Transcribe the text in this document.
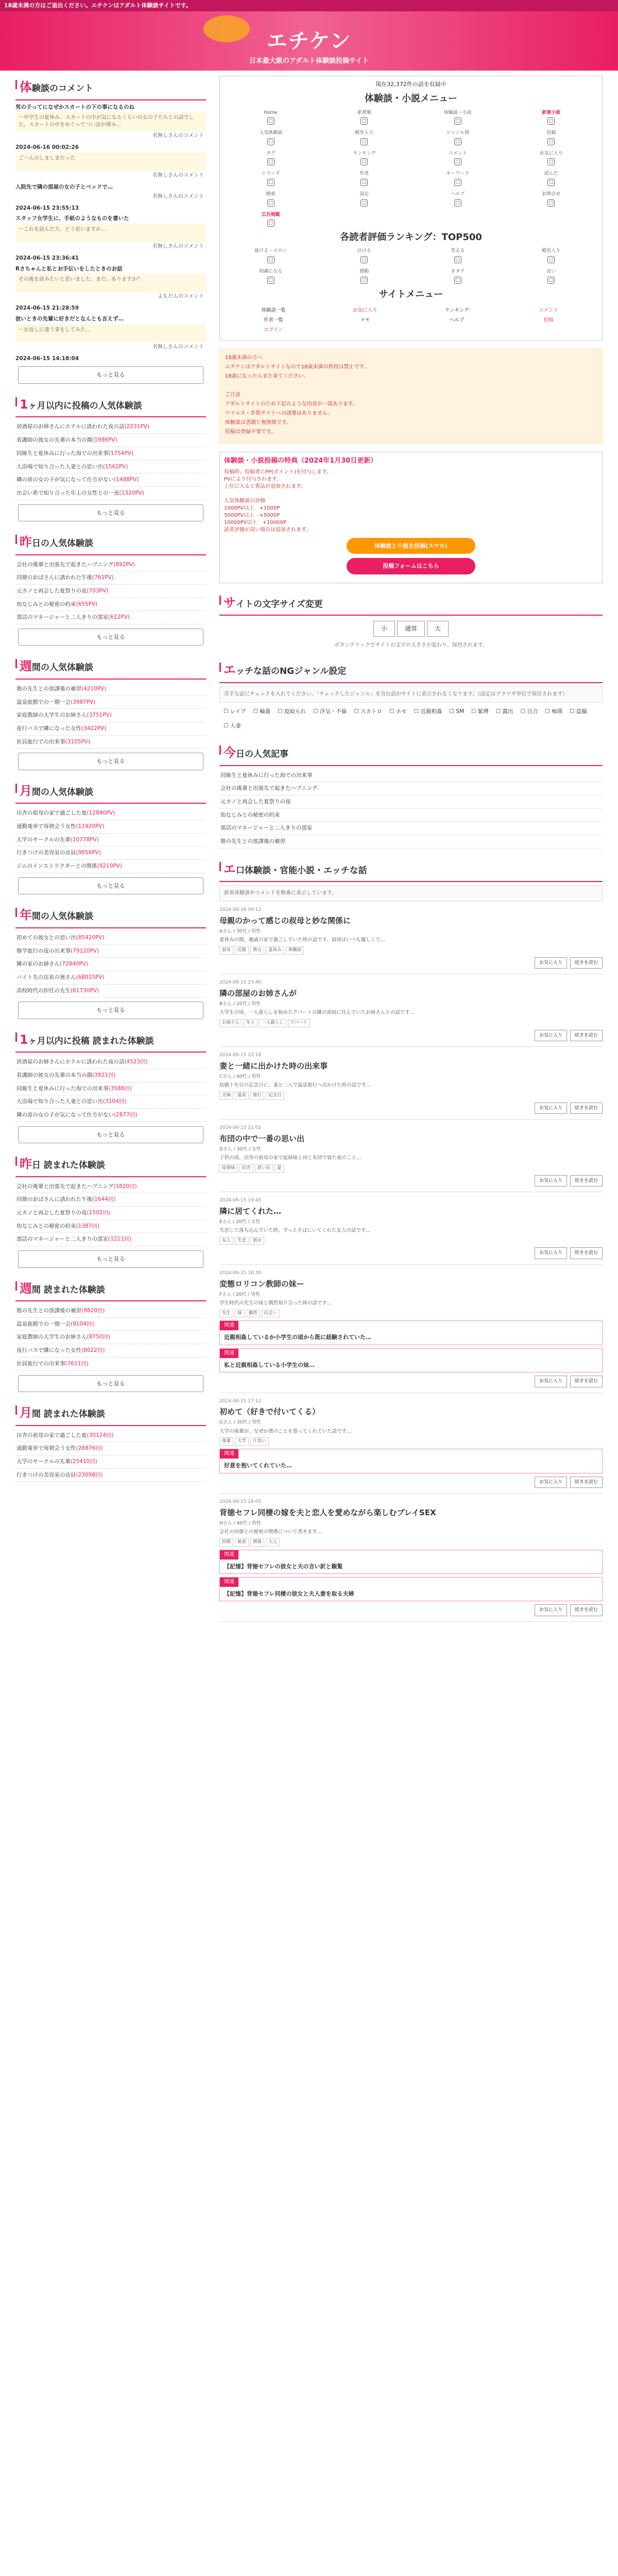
18歳未満の方はご退出ください。エチケンはアダルト体験談サイトです。
エチケン
日本最大級のアダルト体験談投稿サイト
体験談のコメント
男の子ってになぜかスカートの下の事になるのね
〜中学生の夏休み、スカートの中が気になるくらいの女の子たちとの話でした。スカートの中をめぐってつい話が弾み…
名無しさんのコメント
2024-06-16 00:02:26
ご～んのしましまだった
名無しさんのコメント
入院先で隣の部屋の女の子とベッドで…
名無しさんのコメント
2024-06-15 23:55:13
スタッフ女学生に、手紙のようなものを書いた
〜これを読んだ方、どう思いますか…
名無しさんのコメント
2024-06-15 23:36:41
Rさちゃんと私とお手伝いをしたときのお話
その後を読みたいと思いました。まだ、ありますか？
よもだんのコメント
2024-06-15 21:28:59
彼いときの先輩に好きだとなんとも言えず…
〜お返しに違う事をしてみた…
名無しさんのコメント
2024-06-15 14:18:04
もっと見る
1ヶ月以内に投稿の人気体験談
居酒屋のお姉さんにホテルに誘われた夜の話(2231PV)
看護師の彼女の先輩の本当の顔(1986PV)
同級生と夏休みに行った海での出来事(1754PV)
大浴場で知り合った人妻との思い出(1562PV)
隣の席の女の子が気になって仕方がない(1488PV)
出会い系で知り合った年上の女性との一夜(1320PV)
もっと見る
昨日の人気体験談
会社の後輩と出張先で起きたハプニング(892PV)
同僚のおばさんに誘われた午後(761PV)
元カノと再会した夏祭りの夜(703PV)
幼なじみとの秘密の約束(655PV)
部活のマネージャーと二人きりの部室(612PV)
もっと見る
週間の人気体験談
塾の先生との放課後の補習(4210PV)
温泉旅館での一期一会(3987PV)
家庭教師の大学生のお姉さん(3751PV)
夜行バスで隣になった女性(3422PV)
社員旅行での出来事(3105PV)
もっと見る
月間の人気体験談
田舎の祖母の家で過ごした夏(12840PV)
通勤電車で毎朝会う女性(11920PV)
大学のサークルの先輩(10778PV)
行きつけの美容室の店員(9856PV)
ジムのインストラクターとの関係(9210PV)
もっと見る
年間の人気体験談
初めての彼女との思い出(85420PV)
修学旅行の夜の出来事(79120PV)
隣の家のお姉さん(72840PV)
バイト先の店長の奥さん(68015PV)
高校時代の担任の先生(61730PV)
もっと見る
1ヶ月以内に投稿 読まれた体験談
居酒屋のお姉さんにホテルに誘われた夜の話(4523回)
看護師の彼女の先輩の本当の顔(3921回)
同級生と夏休みに行った海での出来事(3588回)
大浴場で知り合った人妻との思い出(3104回)
隣の席の女の子が気になって仕方がない(2877回)
もっと見る
昨日 読まれた体験談
会社の後輩と出張先で起きたハプニング(1820回)
同僚のおばさんに誘われた午後(1644回)
元カノと再会した夏祭りの夜(1502回)
幼なじみとの秘密の約束(1387回)
部活のマネージャーと二人きりの部室(1211回)
もっと見る
週間 読まれた体験談
塾の先生との放課後の補習(9820回)
温泉旅館での一期一会(9104回)
家庭教師の大学生のお姉さん(8750回)
夜行バスで隣になった女性(8022回)
社員旅行での出来事(7611回)
もっと見る
月間 読まれた体験談
田舎の祖母の家で過ごした夏(30124回)
通勤電車で毎朝会う女性(28876回)
大学のサークルの先輩(25410回)
行きつけの美容室の店員(23098回)
現在32,372件の話を収録中
体験談・小説メニュー
Home
□
新着順
□
体験談・小説
□
新着小説
□
人気体験談
□
殿堂入り
□
ジャンル別
□
投稿
□
タグ
□
ランキング
□
コメント
□
お気に入り
□
シリーズ
□
作者
□
キーワード
□
読んだ
□
検索
□
設定
□
ヘルプ
□
お問合せ
□
広告掲載
□
各読者評価ランキング：TOP500
抜ける・エロい
□
泣ける
□
笑える
□
殿堂入り
□
知識になる
□
感動
□
オタク
□
良い
□
サイトメニュー
体験談一覧	お気に入り	ランキング	コメント
作者一覧	メモ	ヘルプ	投稿
ログイン

18歳未満の方へ

エチケンはアダルトサイトなので18歳未満の利用は禁止です。

18歳になったらまた来てください。

ご注意

アダルトサイトのため下記のような内容が一部あります。

ウイルス・詐欺サイトへの誘導はありません。

体験談は書籍と無関係です。

投稿は登録不要です。

体験談・小説投稿の特典（2024年1月30日更新）

投稿時、投稿者にPP(ポイント)を付与します。

PVにより付与されます。

上位に入ると賞品が追加されます。

人気体験談の評価

1000PV以上　+1000P

5000PV以上　+5000P

10000PV以上　+10000P

読者評価が高い場合は追加されます。

体験談と小説を投稿(スマホ)
投稿フォームはこちら
サイトの文字サイズ変更
小	通常	大
ボタンクリックでサイトの文字の大きさが変わり、保持されます。
エッチな話のNGジャンル設定
苦手な話にチェックを入れてください。「チェックしたジャンル」を含む話がサイトに表示されなくなります。（設定はブラウザ単位で保存されます）
☐ レイプ	☐ 輪姦	☐ 寝取られ	☐ 浮気・不倫	☐ スカトロ	☐ ホモ	☐ 近親相姦	☐ SM	☐ 緊縛	☐ 露出	☐ 百合	☐ 痴漢	☐ 盗撮
☐ 人妻
今日の人気記事
同級生と夏休みに行った海での出来事
会社の後輩と出張先で起きたハプニング
元カノと再会した夏祭りの夜
幼なじみとの秘密の約束
部活のマネージャーと二人きりの部室
塾の先生との放課後の補習
エ口体験談・官能小説・エッチな話
新着体験談やコメントを順番に表示しています。
2024-06-16 00:12
母親のかって感じの叔母と妙な関係に
Aさん / 30代 / 男性
夏休みの間、親戚の家で過ごしていた時の話です。叔母はいつも優しくて…
叔母	近親	熟女	夏休み	体験談
お気に入り	続きを読む
2024-06-15 23:40
隣の部屋のお姉さんが
Bさん / 20代 / 男性
大学生の頃、一人暮らしを始めたアパートの隣の部屋に住んでいたお姉さんとの話です…
お姉さん	年上	一人暮らし	アパート
お気に入り	続きを読む
2024-06-15 22:18
妻と一緒に出かけた時の出来事
Cさん / 40代 / 男性
結婚十年目の記念日に、妻と二人で温泉旅行へ出かけた時の話です…
夫婦	温泉	旅行	記念日
お気に入り	続きを読む
2024-06-15 21:02
布団の中で一番の思い出
Dさん / 30代 / 女性
子供の頃、田舎の祖母の家で従姉妹と同じ布団で寝た夜のこと…
従姉妹	田舎	思い出	夏
お気に入り	続きを読む
2024-06-15 19:45
隣に居てくれた…
Eさん / 20代 / 女性
失恋して落ち込んでいた時、ずっとそばにいてくれた友人の話です…
友人	失恋	慰め
お気に入り	続きを読む
2024-06-15 18:30
変態ロリコン教師の妹ー
Fさん / 20代 / 男性
学生時代の先生の妹と偶然知り合った時の話です…
先生	妹	偶然	出会い
関連
近親相姦しているか小学生の頃から既に経験されていた…
関連
私と近親相姦している小学生の妹…
お気に入り	続きを読む
2024-06-15 17:12
初めて（好きで付いてくる）
Gさん / 30代 / 男性
大学の後輩が、なぜか僕のことを慕ってくれていた話です…
後輩	大学	片思い
関連
好意を抱いてくれていた…
お気に入り	続きを読む
2024-06-15 16:05
背徳セフレ同棲の嫁を夫と恋人を愛めながら楽しむプレイSEX
Hさん / 40代 / 男性
会社の同僚との秘密の関係について書きます…
同僚	秘密	関係	大人
関連
【記憶】背徳セフレの彼女と夫の言い訳と観覧
関連
【記憶】背徳セフレ同棲の彼女と夫人妻を取る夫婦
お気に入り	続きを読む
